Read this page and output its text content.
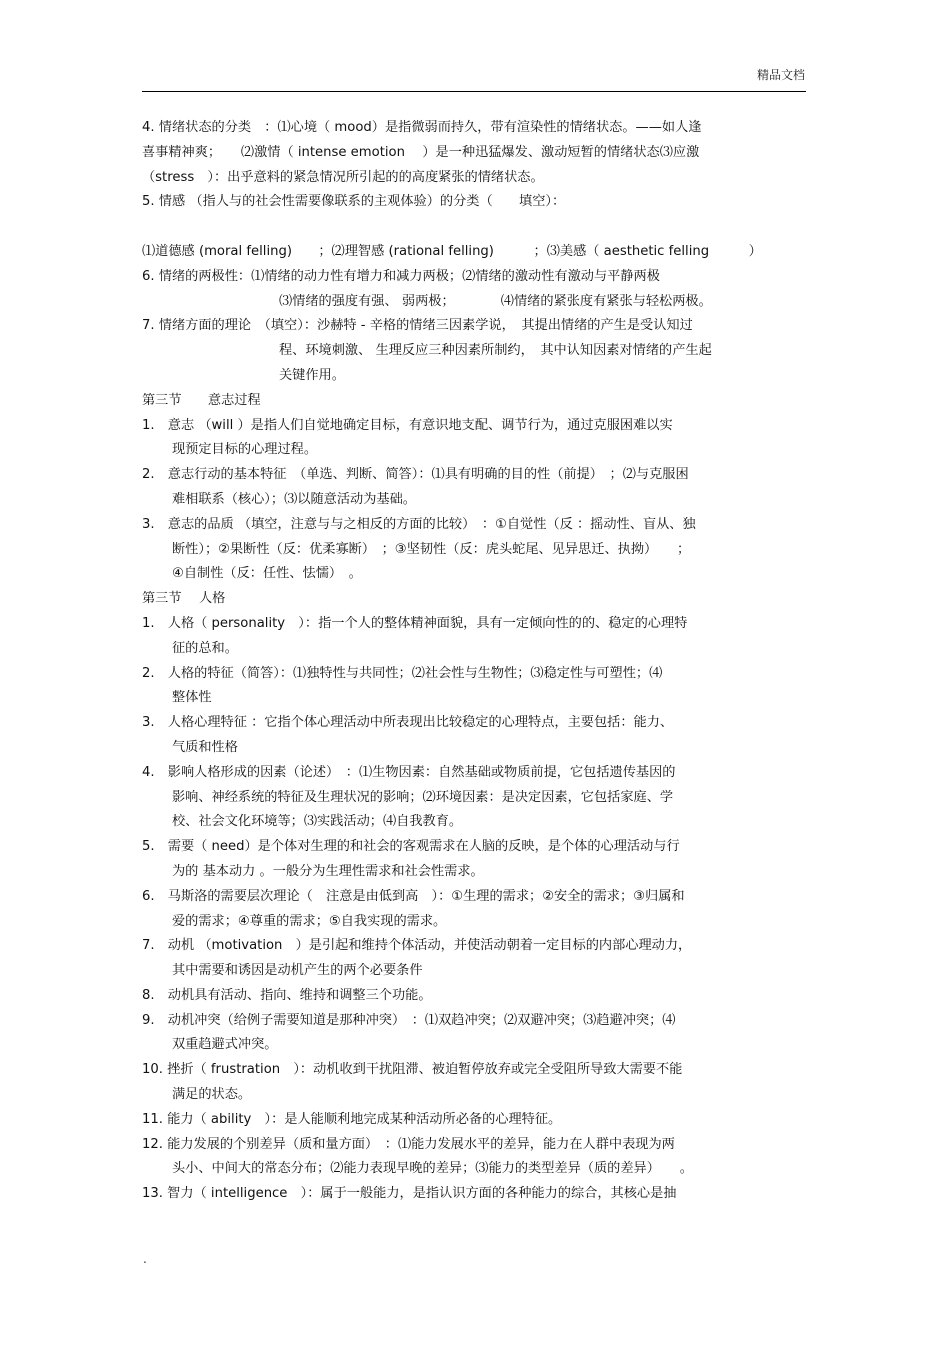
精品文档
4. 情绪状态的分类　：⑴心境（ mood）是指微弱而持久，带有渲染性的情绪状态。——如人逢
喜事精神爽；　　⑵激情（ intense emotion　 ）是一种迅猛爆发、激动短暂的情绪状态⑶应激
（stress　）：出乎意料的紧急情况所引起的的高度紧张的情绪状态。
5. 情感 （指人与的社会性需要像联系的主观体验）的分类（　　填空）：
⑴道德感 (moral felling)　　；⑵理智感 (rational felling)　　　；⑶美感（ aesthetic felling　　　）
6. 情绪的两极性：⑴情绪的动力性有增力和减力两极；⑵情绪的激动性有激动与平静两极
⑶情绪的强度有强、 弱两极；　　　　⑷情绪的紧张度有紧张与轻松两极。
7. 情绪方面的理论　（填空）：沙赫特 - 辛格的情绪三因素学说，　其提出情绪的产生是受认知过
程、环境刺激、 生理反应三种因素所制约，　其中认知因素对情绪的产生起
关键作用。
第三节　　意志过程
1.　意志 （will ）是指人们自觉地确定目标，有意识地支配、调节行为，通过克服困难以实
现预定目标的心理过程。
2.　意志行动的基本特征　（单选、判断、简答）：⑴具有明确的目的性（前提）　；⑵与克服困
难相联系（核心）；⑶以随意活动为基础。
3.　意志的品质 （填空，注意与与之相反的方面的比较）　：①自觉性（反 ：摇动性、盲从、独
断性）；②果断性（反：优柔寡断）　；③坚韧性（反：虎头蛇尾、见异思迁、执拗）　　；
④自制性（反：任性、怯懦）　。
第三节　 人格
1.　人格（ personality　）：指一个人的整体精神面貌，具有一定倾向性的的、稳定的心理特
征的总和。
2.　人格的特征（简答）：⑴独特性与共同性；⑵社会性与生物性；⑶稳定性与可塑性；⑷
整体性
3.　人格心理特征 ：它指个体心理活动中所表现出比较稳定的心理特点，主要包括：能力、
气质和性格
4.　影响人格形成的因素（论述）　：⑴生物因素：自然基础或物质前提，它包括遗传基因的
影响、神经系统的特征及生理状况的影响；⑵环境因素：是决定因素，它包括家庭、学
校、社会文化环境等；⑶实践活动；⑷自我教育。
5.　需要（ need）是个体对生理的和社会的客观需求在人脑的反映，是个体的心理活动与行
为的 基本动力 。一般分为生理性需求和社会性需求。
6.　马斯洛的需要层次理论（　注意是由低到高　）：①生理的需求；②安全的需求；③归属和
爱的需求；④尊重的需求；⑤自我实现的需求。
7.　动机 （motivation　）是引起和维持个体活动，并使活动朝着一定目标的内部心理动力，
其中需要和诱因是动机产生的两个必要条件
8.　动机具有活动、指向、维持和调整三个功能。
9.　动机冲突（给例子需要知道是那种冲突）　：⑴双趋冲突；⑵双避冲突；⑶趋避冲突；⑷
双重趋避式冲突。
10. 挫折（ frustration　）：动机收到干扰阻滞、被迫暂停放弃或完全受阻所导致大需要不能
满足的状态。
11. 能力（ ability　）：是人能顺利地完成某种活动所必备的心理特征。
12. 能力发展的个别差异（质和量方面）　：⑴能力发展水平的差异，能力在人群中表现为两
头小、中间大的常态分布；⑵能力表现早晚的差异；⑶能力的类型差异（质的差异）　　。
13. 智力（ intelligence　）：属于一般能力，是指认识方面的各种能力的综合，其核心是抽
.
